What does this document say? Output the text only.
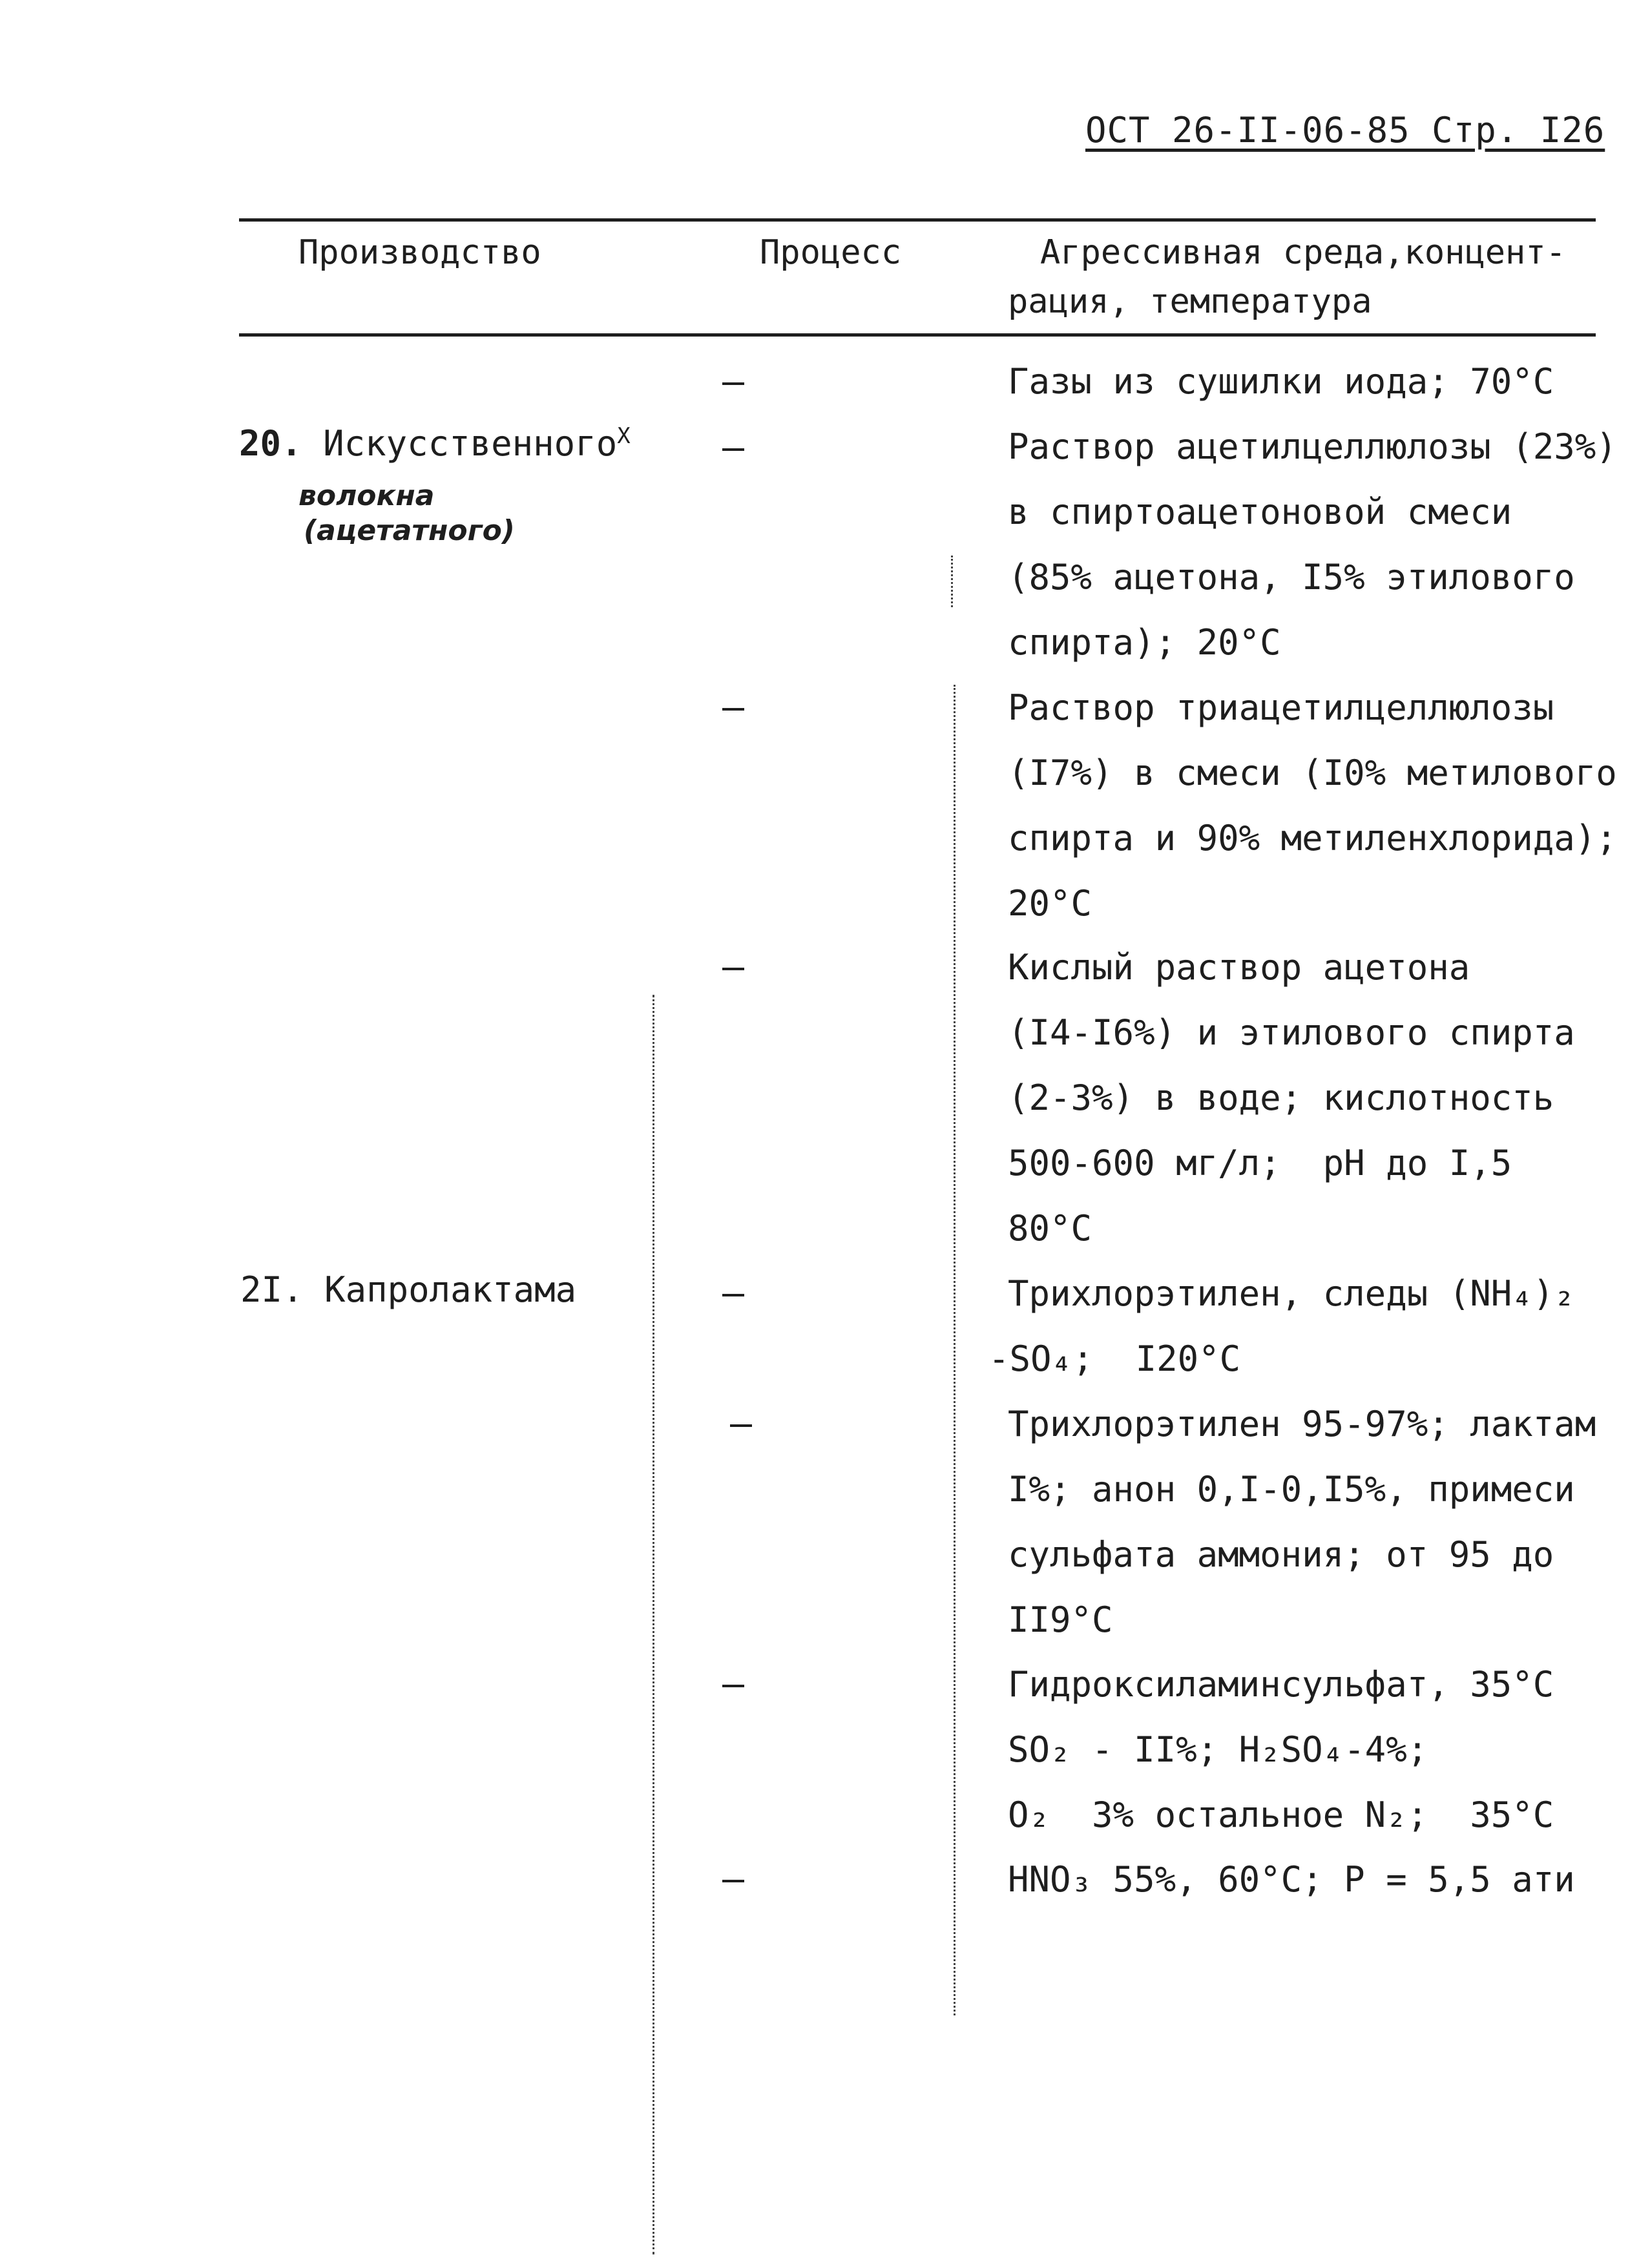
ОСТ 26-II-06-85 Стр. I26
Производство	Процесс	Агрессивная среда,концент-
рация, температура
20. Искусственного$^X$
волокна
(ацетатного)
2I. Капролактама
Газы из сушилки иода; 70°C
Раствор ацетилцеллюлозы (23%)
в спиртоацетоновой смеси
(85% ацетона, I5% этилового
спирта); 20°C
Раствор триацетилцеллюлозы
(I7%) в смеси (I0% метилового
спирта и 90% метиленхлорида);
20°C
Кислый раствор ацетона
(I4-I6%) и этилового спирта
(2-3%) в воде; кислотность
500-600 мг/л;  pH до I,5
80°C
Трихлорэтилен, следы (NH₄)₂
-SO₄;  I20°C
Трихлорэтилен 95-97%; лактам
I%; анон 0,I-0,I5%, примеси
сульфата аммония; от 95 до
II9°C
Гидроксиламинсульфат, 35°C
SO₂ - II%; H₂SO₄-4%;
O₂  3% остальное N₂;  35°C
HNO₃ 55%, 60°C; P = 5,5 ати
